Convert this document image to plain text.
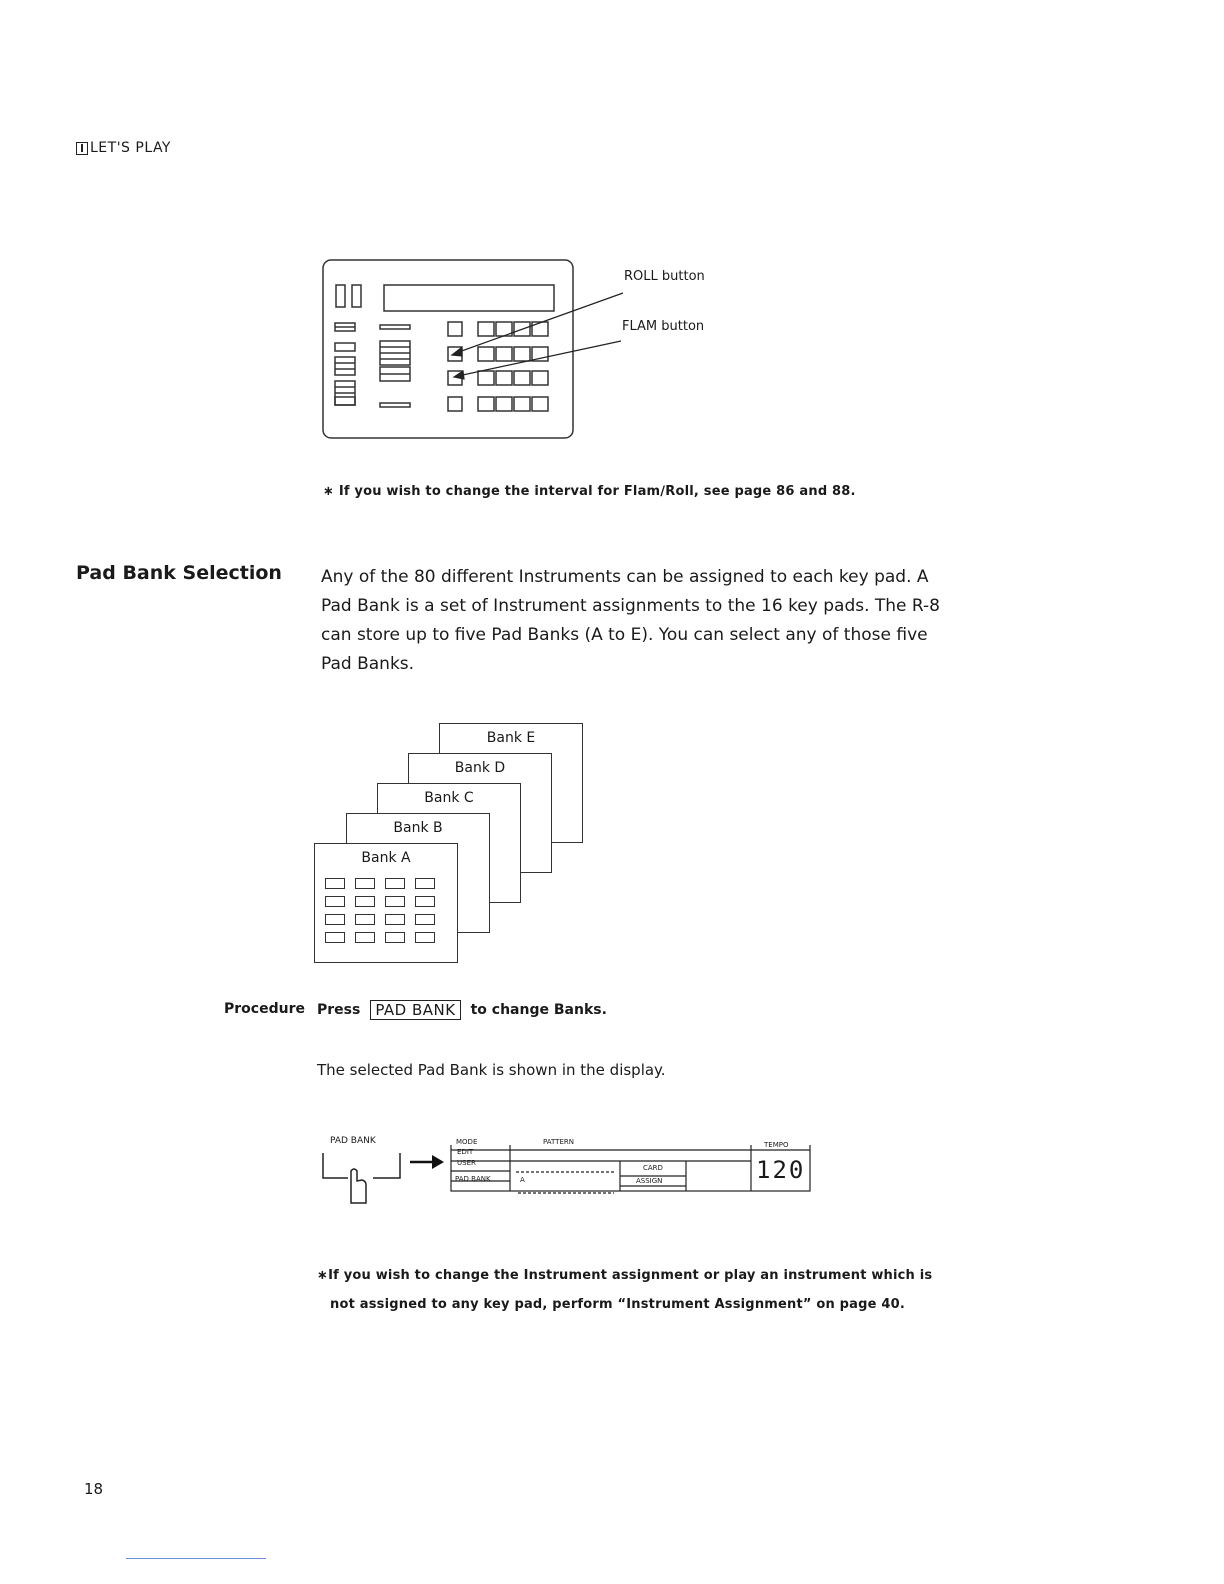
LET'S PLAY
ROLL button
FLAM button
∗ If you wish to change the interval for Flam∕Roll, see page 86 and 88.
Pad Bank Selection Any of the 80 different Instruments can be assigned to each key pad. A Pad Bank is a set of Instrument assignments to the 16 key pads. The R-8 can store up to five Pad Banks (A to E). You can select any of those five Pad Banks.

Bank E
Bank D
Bank C
Bank B
Bank A
Procedure Press	PAD BANK	to change Banks.
The selected Pad Bank is shown in the display.
PAD BANK	MODE
EDIT
USER
PAD BANK
PATTERN	TEMPO
CARD
ASSIGN
A	120
∗If you wish to change the Instrument assignment or play an instrument which is
not assigned to any key pad, perform “Instrument Assignment” on page 40.
18
